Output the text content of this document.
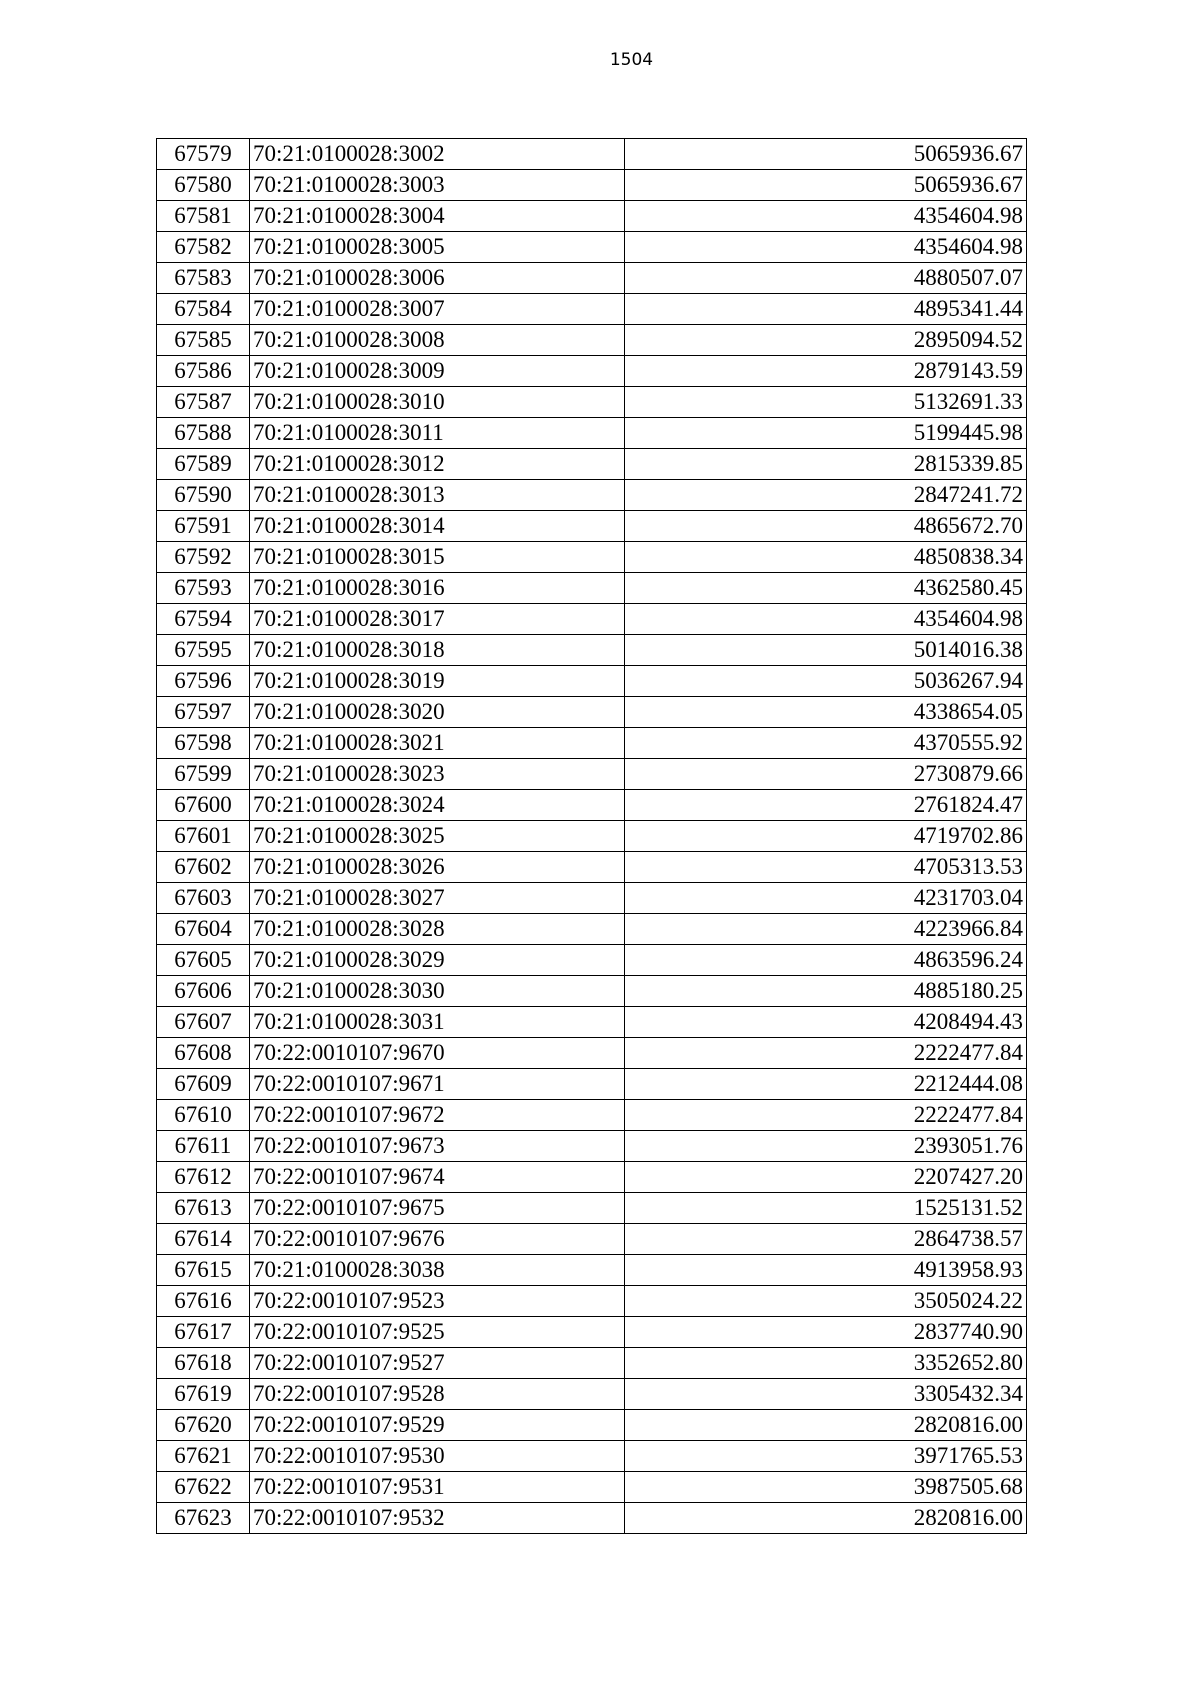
1504
67579	70:21:0100028:3002	5065936.67
67580	70:21:0100028:3003	5065936.67
67581	70:21:0100028:3004	4354604.98
67582	70:21:0100028:3005	4354604.98
67583	70:21:0100028:3006	4880507.07
67584	70:21:0100028:3007	4895341.44
67585	70:21:0100028:3008	2895094.52
67586	70:21:0100028:3009	2879143.59
67587	70:21:0100028:3010	5132691.33
67588	70:21:0100028:3011	5199445.98
67589	70:21:0100028:3012	2815339.85
67590	70:21:0100028:3013	2847241.72
67591	70:21:0100028:3014	4865672.70
67592	70:21:0100028:3015	4850838.34
67593	70:21:0100028:3016	4362580.45
67594	70:21:0100028:3017	4354604.98
67595	70:21:0100028:3018	5014016.38
67596	70:21:0100028:3019	5036267.94
67597	70:21:0100028:3020	4338654.05
67598	70:21:0100028:3021	4370555.92
67599	70:21:0100028:3023	2730879.66
67600	70:21:0100028:3024	2761824.47
67601	70:21:0100028:3025	4719702.86
67602	70:21:0100028:3026	4705313.53
67603	70:21:0100028:3027	4231703.04
67604	70:21:0100028:3028	4223966.84
67605	70:21:0100028:3029	4863596.24
67606	70:21:0100028:3030	4885180.25
67607	70:21:0100028:3031	4208494.43
67608	70:22:0010107:9670	2222477.84
67609	70:22:0010107:9671	2212444.08
67610	70:22:0010107:9672	2222477.84
67611	70:22:0010107:9673	2393051.76
67612	70:22:0010107:9674	2207427.20
67613	70:22:0010107:9675	1525131.52
67614	70:22:0010107:9676	2864738.57
67615	70:21:0100028:3038	4913958.93
67616	70:22:0010107:9523	3505024.22
67617	70:22:0010107:9525	2837740.90
67618	70:22:0010107:9527	3352652.80
67619	70:22:0010107:9528	3305432.34
67620	70:22:0010107:9529	2820816.00
67621	70:22:0010107:9530	3971765.53
67622	70:22:0010107:9531	3987505.68
67623	70:22:0010107:9532	2820816.00
